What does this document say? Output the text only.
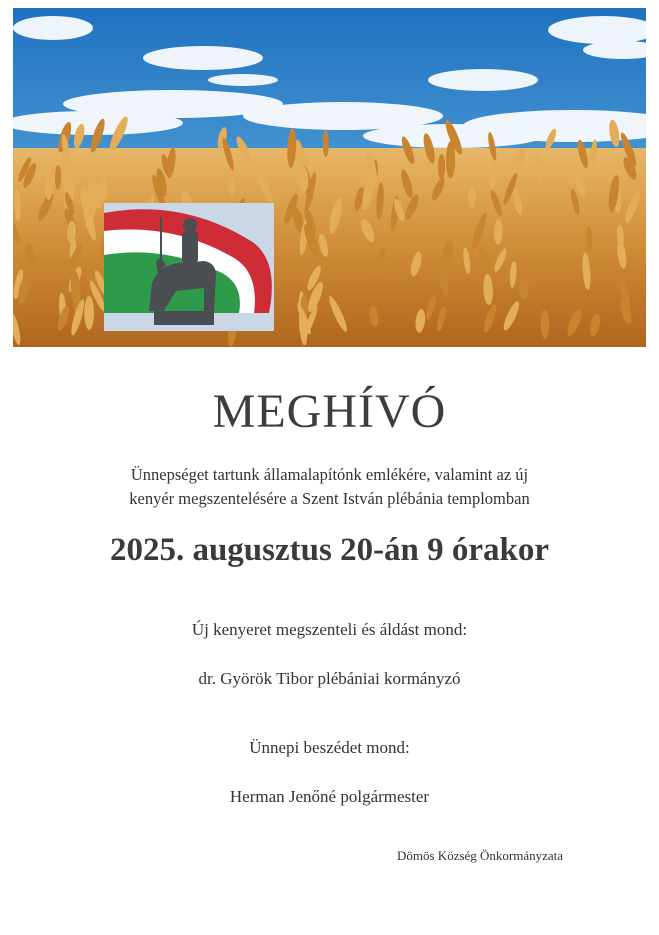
MEGHÍVÓ
Ünnepséget tartunk államalapítónk emlékére, valamint az új
kenyér megszentelésére a Szent István plébánia templomban
2025. augusztus 20-án 9 órakor
Új kenyeret megszenteli és áldást mond:
dr. Györök Tibor plébániai kormányzó
Ünnepi beszédet mond:
Herman Jenőné polgármester
Dömös Község Önkormányzata
